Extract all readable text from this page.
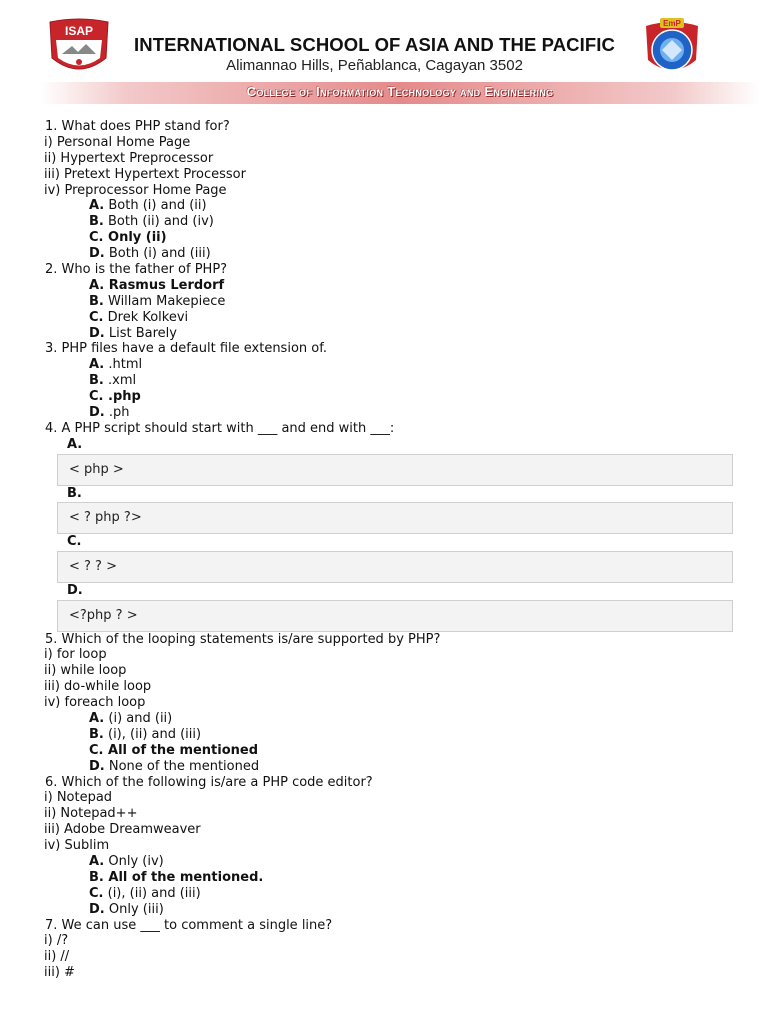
ISAP
INTERNATIONAL SCHOOL OF ASIA AND THE PACIFIC
Alimannao Hills, Peñablanca, Cagayan 3502
EmP
College of Information Technology and Engineering
1. What does PHP stand for?
i) Personal Home Page
ii) Hypertext Preprocessor
iii) Pretext Hypertext Processor
iv) Preprocessor Home Page
A. Both (i) and (ii)
B. Both (ii) and (iv)
C. Only (ii)
D. Both (i) and (iii)
2. Who is the father of PHP?
A. Rasmus Lerdorf
B. Willam Makepiece
C. Drek Kolkevi
D. List Barely
3. PHP files have a default file extension of.
A. .html
B. .xml
C. .php
D. .ph
4. A PHP script should start with ___ and end with ___:
A.
< php >
B.
< ? php ?>
C.
< ? ? >
D.
<?php ? >
5. Which of the looping statements is/are supported by PHP?
i) for loop
ii) while loop
iii) do-while loop
iv) foreach loop
A. (i) and (ii)
B. (i), (ii) and (iii)
C. All of the mentioned
D. None of the mentioned
6. Which of the following is/are a PHP code editor?
i) Notepad
ii) Notepad++
iii) Adobe Dreamweaver
iv) Sublim
A. Only (iv)
B. All of the mentioned.
C. (i), (ii) and (iii)
D. Only (iii)
7. We can use ___ to comment a single line?
i) /?
ii) //
iii) #
